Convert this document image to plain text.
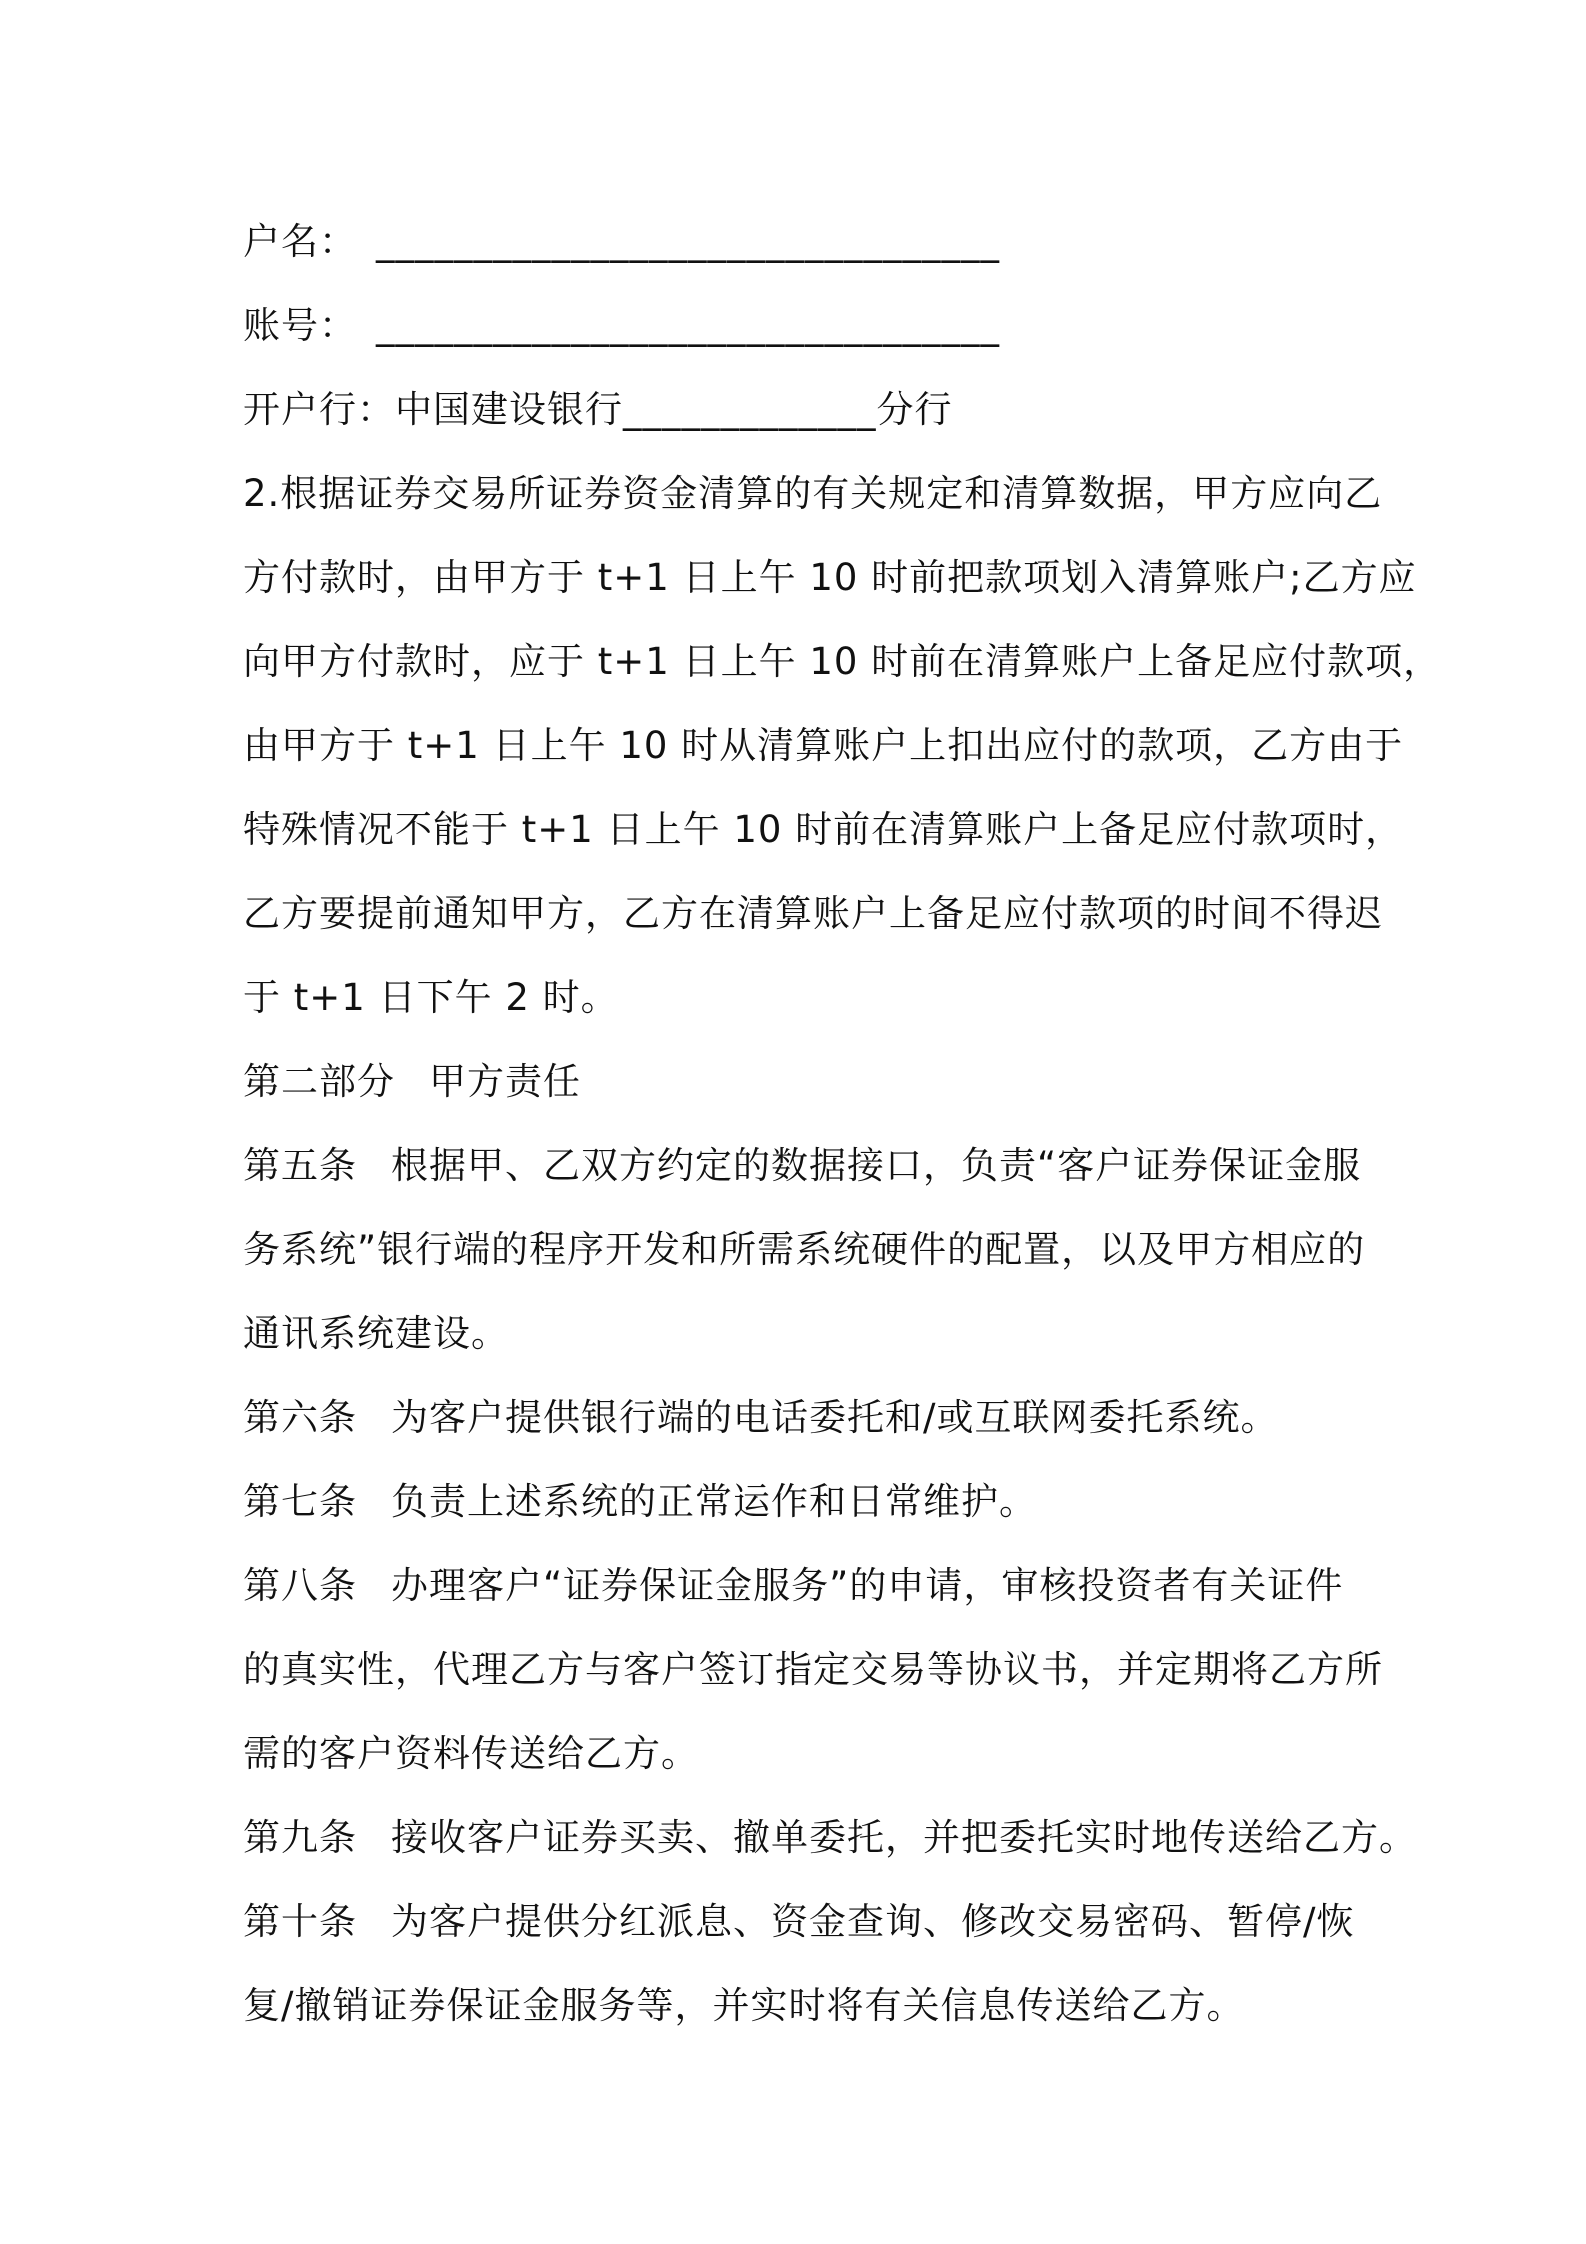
户名： ________________________________
账号： ________________________________
开户行：中国建设银行_____________分行
2.根据证券交易所证券资金清算的有关规定和清算数据，甲方应向乙
方付款时，由甲方于 t+1 日上午 10 时前把款项划入清算账户;乙方应
向甲方付款时，应于 t+1 日上午 10 时前在清算账户上备足应付款项，
由甲方于 t+1 日上午 10 时从清算账户上扣出应付的款项，乙方由于
特殊情况不能于 t+1 日上午 10 时前在清算账户上备足应付款项时，
乙方要提前通知甲方，乙方在清算账户上备足应付款项的时间不得迟
于 t+1 日下午 2 时。
第二部分 甲方责任
第五条 根据甲、乙双方约定的数据接口，负责“客户证券保证金服
务系统”银行端的程序开发和所需系统硬件的配置，以及甲方相应的
通讯系统建设。
第六条 为客户提供银行端的电话委托和/或互联网委托系统。
第七条 负责上述系统的正常运作和日常维护。
第八条 办理客户“证券保证金服务”的申请，审核投资者有关证件
的真实性，代理乙方与客户签订指定交易等协议书，并定期将乙方所
需的客户资料传送给乙方。
第九条 接收客户证券买卖、撤单委托，并把委托实时地传送给乙方。
第十条 为客户提供分红派息、资金查询、修改交易密码、暂停/恢
复/撤销证券保证金服务等，并实时将有关信息传送给乙方。
